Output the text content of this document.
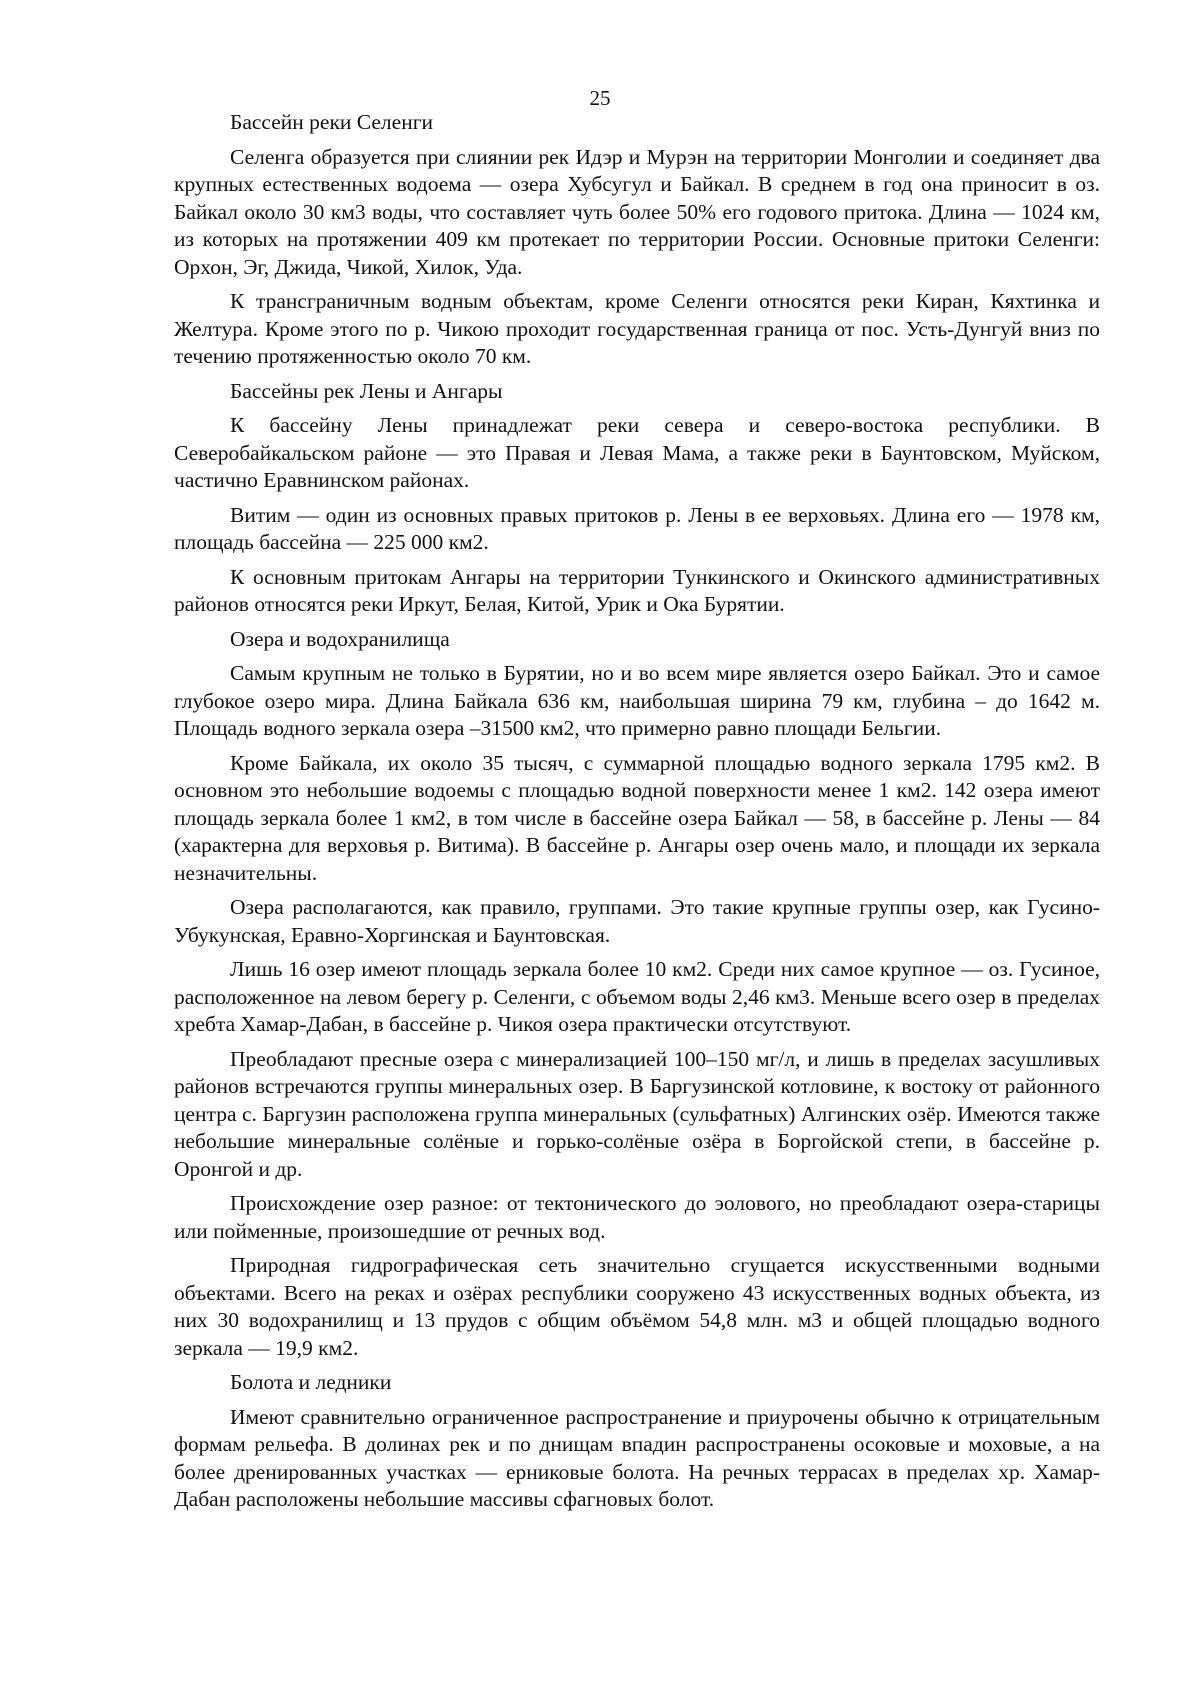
25
Бассейн реки Селенги

Селенга образуется при слиянии рек Идэр и Мурэн на территории Монголии и соединяет два крупных естественных водоема — озера Хубсугул и Байкал. В среднем в год она приносит в оз. Байкал около 30 км3 воды, что составляет чуть более 50% его годового притока. Длина — 1024 км, из которых на протяжении 409 км протекает по территории России. Основные притоки Селенги: Орхон, Эг, Джида, Чикой, Хилок, Уда.

К трансграничным водным объектам, кроме Селенги относятся реки Киран, Кяхтинка и Желтура. Кроме этого по р. Чикою проходит государственная граница от пос. Усть-Дунгуй вниз по течению протяженностью около 70 км.

Бассейны рек Лены и Ангары

К бассейну Лены принадлежат реки севера и северо-востока республики. В Северобайкальском районе — это Правая и Левая Мама, а также реки в Баунтовском, Муйском, частично Еравнинском районах.

Витим — один из основных правых притоков р. Лены в ее верховьях. Длина его — 1978 км, площадь бассейна — 225 000 км2.

К основным притокам Ангары на территории Тункинского и Окинского административных районов относятся реки Иркут, Белая, Китой, Урик и Ока Бурятии.

Озера и водохранилища

Самым крупным не только в Бурятии, но и во всем мире является озеро Байкал. Это и самое глубокое озеро мира. Длина Байкала 636 км, наибольшая ширина 79 км, глубина – до 1642 м. Площадь водного зеркала озера –31500 км2, что примерно равно площади Бельгии.

Кроме Байкала, их около 35 тысяч, с суммарной площадью водного зеркала 1795 км2. В основном это небольшие водоемы с площадью водной поверхности менее 1 км2. 142 озера имеют площадь зеркала более 1 км2, в том числе в бассейне озера Байкал — 58, в бассейне р. Лены — 84 (характерна для верховья р. Витима). В бассейне р. Ангары озер очень мало, и площади их зеркала незначительны.

Озера располагаются, как правило, группами. Это такие крупные группы озер, как Гусино-Убукунская, Еравно-Хоргинская и Баунтовская.

Лишь 16 озер имеют площадь зеркала более 10 км2. Среди них самое крупное — оз. Гусиное, расположенное на левом берегу р. Селенги, с объемом воды 2,46 км3. Меньше всего озер в пределах хребта Хамар-Дабан, в бассейне р. Чикоя озера практически отсутствуют.

Преобладают пресные озера с минерализацией 100–150 мг/л, и лишь в пределах засушливых районов встречаются группы минеральных озер. В Баргузинской котловине, к востоку от районного центра с. Баргузин расположена группа минеральных (сульфатных) Алгинских озёр. Имеются также небольшие минеральные солёные и горько-солёные озёра в Боргойской степи, в бассейне р. Оронгой и др.

Происхождение озер разное: от тектонического до эолового, но преобладают озера-старицы или пойменные, произошедшие от речных вод.

Природная гидрографическая сеть значительно сгущается искусственными водными объектами. Всего на реках и озёрах республики сооружено 43 искусственных водных объекта, из них 30 водохранилищ и 13 прудов с общим объёмом 54,8 млн. м3 и общей площадью водного зеркала — 19,9 км2.

Болота и ледники

Имеют сравнительно ограниченное распространение и приурочены обычно к отрицательным формам рельефа. В долинах рек и по днищам впадин распространены осоковые и моховые, а на более дренированных участках — ерниковые болота. На речных террасах в пределах хр. Хамар-Дабан расположены небольшие массивы сфагновых болот.
